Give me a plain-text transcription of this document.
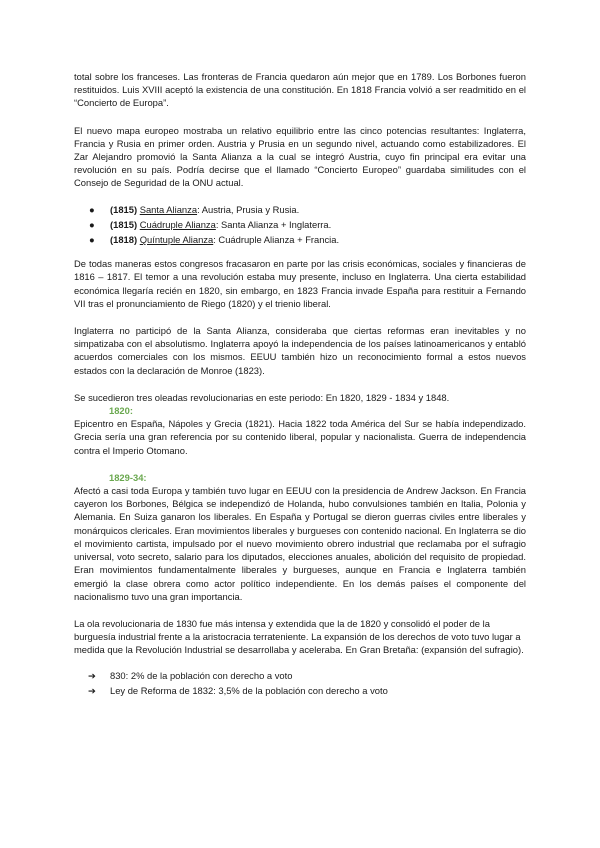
total sobre los franceses. Las fronteras de Francia quedaron aún mejor que en 1789. Los Borbones fueron restituidos. Luis XVIII aceptó la existencia de una constitución. En 1818 Francia volvió a ser readmitido en el “Concierto de Europa”.

El nuevo mapa europeo mostraba un relativo equilibrio entre las cinco potencias resultantes: Inglaterra, Francia y Rusia en primer orden. Austria y Prusia en un segundo nivel, actuando como estabilizadores. El Zar Alejandro promovió la Santa Alianza a la cual se integró Austria, cuyo fin principal era evitar una revolución en su país. Podría decirse que el llamado “Concierto Europeo” guardaba similitudes con el Consejo de Seguridad de la ONU actual.

● (1815) Santa Alianza: Austria, Prusia y Rusia.
● (1815) Cuádruple Alianza: Santa Alianza + Inglaterra.
● (1818) Quíntuple Alianza: Cuádruple Alianza + Francia.

De todas maneras estos congresos fracasaron en parte por las crisis económicas, sociales y financieras de 1816 – 1817. El temor a una revolución estaba muy presente, incluso en Inglaterra. Una cierta estabilidad económica llegaría recién en 1820, sin embargo, en 1823 Francia invade España para restituir a Fernando VII tras el pronunciamiento de Riego (1820) y el trienio liberal.

Inglaterra no participó de la Santa Alianza, consideraba que ciertas reformas eran inevitables y no simpatizaba con el absolutismo. Inglaterra apoyó la independencia de los países latinoamericanos y entabló acuerdos comerciales con los mismos. EEUU también hizo un reconocimiento formal a estos nuevos estados con la declaración de Monroe (1823).

Se sucedieron tres oleadas revolucionarias en este periodo: En 1820, 1829 - 1834 y 1848.

1820:

Epicentro en España, Nápoles y Grecia (1821). Hacia 1822 toda América del Sur se había independizado. Grecia sería una gran referencia por su contenido liberal, popular y nacionalista. Guerra de independencia contra el Imperio Otomano.

1829-34:

Afectó a casi toda Europa y también tuvo lugar en EEUU con la presidencia de Andrew Jackson. En Francia cayeron los Borbones, Bélgica se independizó de Holanda, hubo convulsiones también en Italia, Polonia y Alemania. En Suiza ganaron los liberales. En España y Portugal se dieron guerras civiles entre liberales y monárquicos clericales. Eran movimientos liberales y burgueses con contenido nacional. En Inglaterra se dio el movimiento cartista, impulsado por el nuevo movimiento obrero industrial que reclamaba por el sufragio universal, voto secreto, salario para los diputados, elecciones anuales, abolición del requisito de propiedad. Eran movimientos fundamentalmente liberales y burgueses, aunque en Francia e Inglaterra también emergió la clase obrera como actor político independiente. En los demás países el componente del nacionalismo tuvo una gran importancia.

La ola revolucionaria de 1830 fue más intensa y extendida que la de 1820 y consolidó el poder de la burguesía industrial frente a la aristocracia terrateniente. La expansión de los derechos de voto tuvo lugar a medida que la Revolución Industrial se desarrollaba y aceleraba. En Gran Bretaña: (expansión del sufragio).

➔ 830: 2% de la población con derecho a voto
➔ Ley de Reforma de 1832: 3,5% de la población con derecho a voto
